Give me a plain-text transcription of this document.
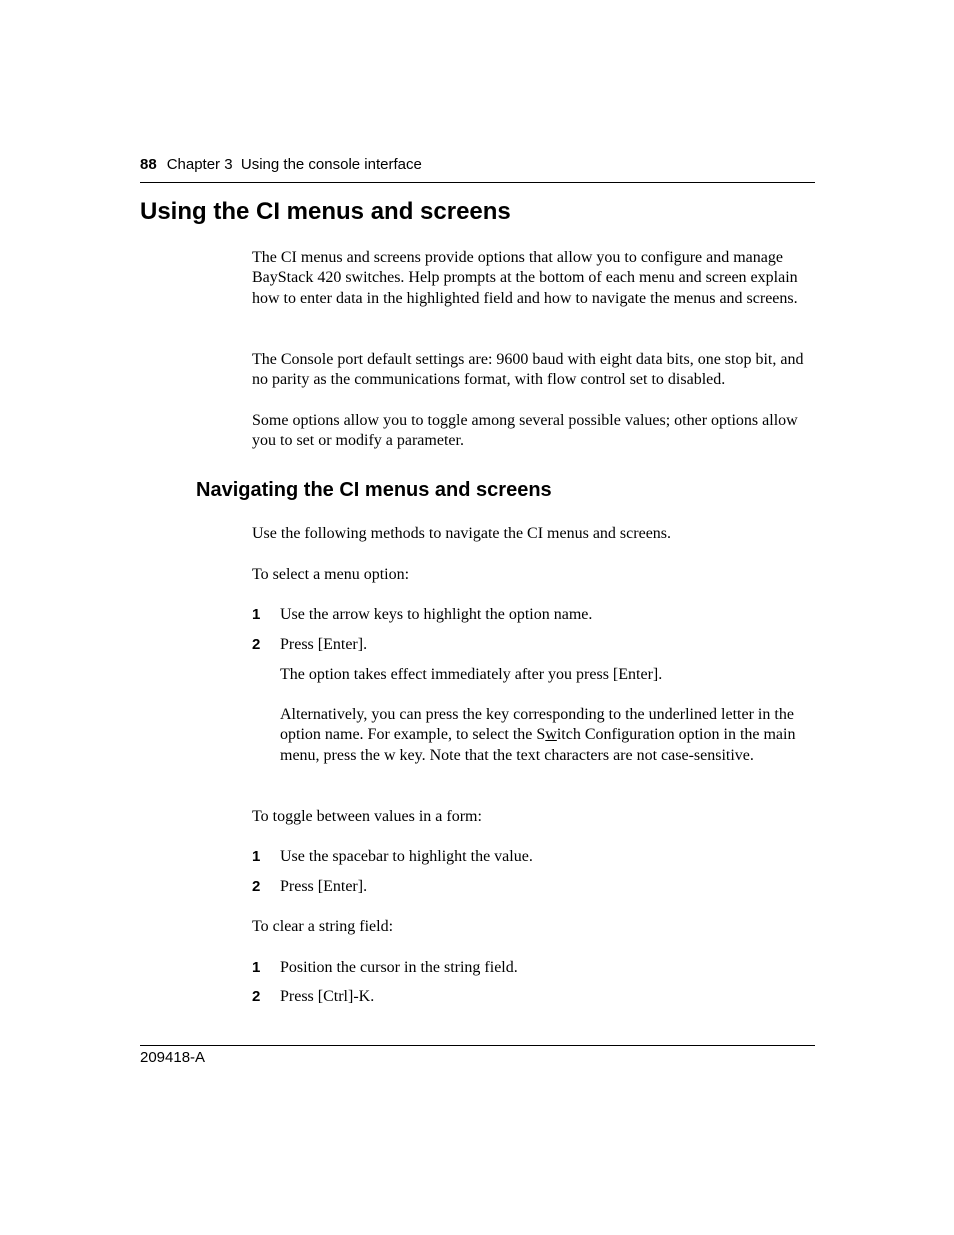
88 Chapter 3  Using the console interface
Using the CI menus and screens

The CI menus and screens provide options that allow you to configure and manage BayStack 420 switches. Help prompts at the bottom of each menu and screen explain how to enter data in the highlighted field and how to navigate the menus and screens.

The Console port default settings are: 9600 baud with eight data bits, one stop bit, and no parity as the communications format, with flow control set to disabled.

Some options allow you to toggle among several possible values; other options allow you to set or modify a parameter.

Navigating the CI menus and screens

Use the following methods to navigate the CI menus and screens.

To select a menu option:

1 Use the arrow keys to highlight the option name.
2 Press [Enter].

The option takes effect immediately after you press [Enter].

Alternatively, you can press the key corresponding to the underlined letter in the option name. For example, to select the Switch Configuration option in the main menu, press the w key. Note that the text characters are not case-sensitive.

To toggle between values in a form:

1 Use the spacebar to highlight the value.
2 Press [Enter].

To clear a string field:

1 Position the cursor in the string field.
2 Press [Ctrl]-K.
209418-A
